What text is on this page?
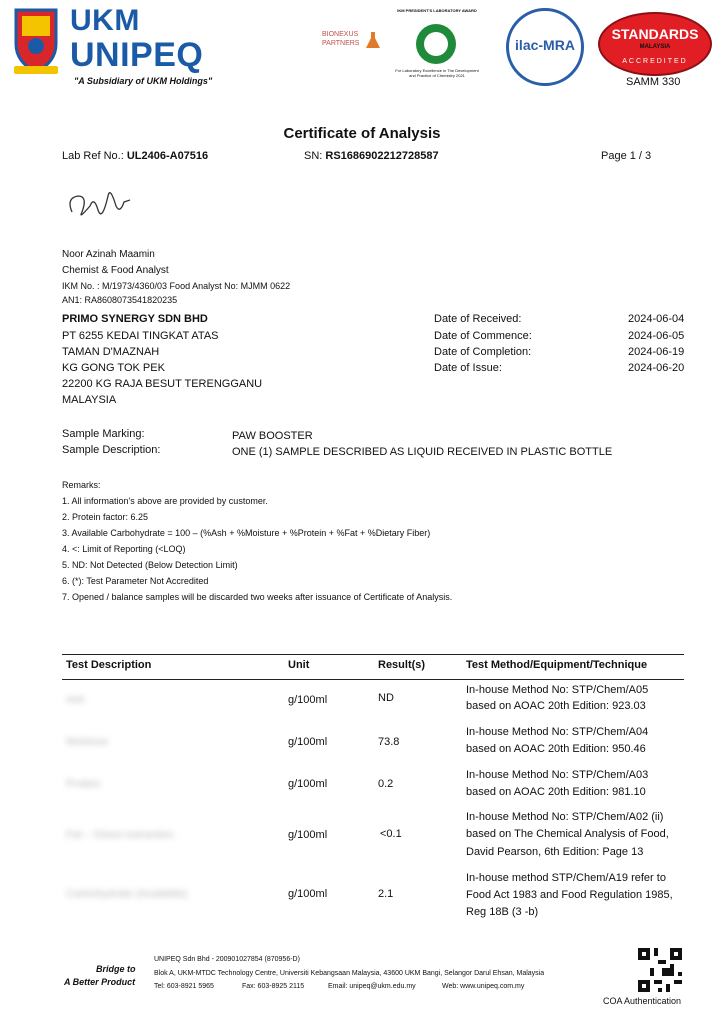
UKM
UNIPEQ
"A Subsidiary of UKM Holdings"
BIONEXUS PARTNERS
IKM PRESIDENT'S LABORATORY AWARD
For Laboratory Excellence in The Development and Practice of Chemistry 2021
ilac-MRA
STANDARDS
MALAYSIA
ACCREDITED
SAMM 330
Certificate of Analysis
Lab Ref No.: UL2406-A07516	SN: RS1686902212728587	Page 1 / 3
Noor Azinah Maamin
Chemist & Food Analyst
IKM No. : M/1973/4360/03 Food Analyst No: MJMM 0622
AN1: RA8608073541820235
PRIMO SYNERGY SDN BHD
PT 6255 KEDAI TINGKAT ATAS
TAMAN D'MAZNAH
KG GONG TOK PEK
22200 KG RAJA BESUT TERENGGANU
MALAYSIA
Date of Received:	2024-06-04
Date of Commence:	2024-06-05
Date of Completion:	2024-06-19
Date of Issue:	2024-06-20
Sample Marking:	PAW BOOSTER
Sample Description:	ONE (1) SAMPLE DESCRIBED AS LIQUID RECEIVED IN PLASTIC BOTTLE
Remarks:
1. All information's above are provided by customer.
2. Protein factor: 6.25
3. Available Carbohydrate = 100 – (%Ash + %Moisture + %Protein + %Fat + %Dietary Fiber)
4. <: Limit of Reporting (<LOQ)
5. ND: Not Detected (Below Detection Limit)
6. (*): Test Parameter Not Accredited
7. Opened / balance samples will be discarded two weeks after issuance of Certificate of Analysis.
Test Description	Unit	Result(s)	Test Method/Equipment/Technique
Ash	g/100ml	ND
In-house Method No: STP/Chem/A05
based on AOAC 20th Edition: 923.03
Moisture	g/100ml	73.8
In-house Method No: STP/Chem/A04
based on AOAC 20th Edition: 950.46
Protein	g/100ml	0.2
In-house Method No: STP/Chem/A03
based on AOAC 20th Edition: 981.10
Fat – Direct extraction	g/100ml	<0.1
In-house Method No: STP/Chem/A02 (ii)
based on The Chemical Analysis of Food,
David Pearson, 6th Edition: Page 13
Carbohydrate (Available)	g/100ml	2.1
In-house method STP/Chem/A19 refer to
Food Act 1983 and Food Regulation 1985,
Reg 18B (3 -b)
Bridge to
A Better Product
UNIPEQ Sdn Bhd - 200901027854 (870956-D)
Blok A, UKM-MTDC Technology Centre, Universiti Kebangsaan Malaysia, 43600 UKM Bangi, Selangor Darul Ehsan, Malaysia
Tel: 603-8921 5965	Fax: 603-8925 2115	Email: unipeq@ukm.edu.my	Web: www.unipeq.com.my
COA Authentication
